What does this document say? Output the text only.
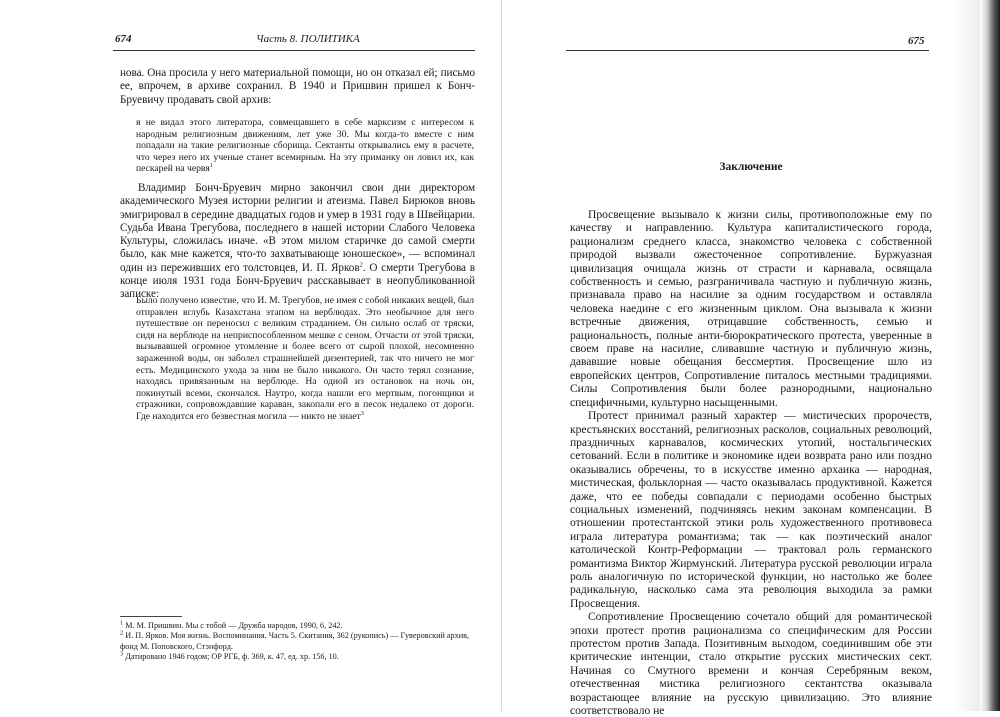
674	Часть 8. ПОЛИТИКА

нова. Она просила у него материальной помощи, но он отказал ей; письмо ее, впрочем, в архиве сохранил. В 1940 и Пришвин пришел к Бонч-Бруевичу продавать свой архив:

я не видал этого литератора, совмещавшего в себе марксизм с интересом к народным религиозным движениям, лет уже 30. Мы когда-то вместе с ним попадали на такие религиозные сборища. Сектанты открывались ему в расчете, что через него их ученые станет всемирным. На эту приманку он ловил их, как пескарей на червя$^1$

Владимир Бонч-Бруевич мирно закончил свои дни директором академического Музея истории религии и атеизма. Павел Бирюков вновь эмигрировал в середине двадцатых годов и умер в 1931 году в Швейцарии. Судьба Ивана Трегубова, последнего в нашей истории Слабого Человека Культуры, сложилась иначе. «В этом милом старичке до самой смерти было, как мне кажется, что-то захватывающе юношеское», — вспоминал один из переживших его толстовцев, И. П. Ярков$^2$. О смерти Трегубова в конце июля 1931 года Бонч-Бруевич расскавывает в неопубликованной записке:

Было получено известие, что И. М. Трегубов, не имея с собой никаких вещей, был отправлен вглубь Казахстана этапом на верблюдах. Это необычное для него путешествие он переносил с великим страданием. Он сильно ослаб от тряски, сидя на верблюде на неприспособленном мешке с сеном. Отчасти от этой тряски, вызывавшей огромное утомление и более всего от сырой плохой, несомненно зараженной воды, он заболел страшнейшей дизентерией, так что ничего не мог есть. Медицинского ухода за ним не было никакого. Он часто терял сознание, находясь привязанным на верблюде. На одной из остановок на ночь он, покинутый всеми, скончался. Наутро, когда нашли его мертвым, погонщики и стражники, сопровождавшие караван, закопали его в песок недалеко от дороги. Где находится его безвестная могила — никто не знает$^3$

$^1$ М. М. Пришвин. Мы с тобой — Дружба народов, 1990, 6, 242.

$^2$ И. П. Ярков. Моя жизнь. Воспоминания. Часть 5. Скитания, 362 (рукопись) — Гуверовский архив, фонд М. Поповского, Стэнфорд.

$^3$ Датировано 1946 годом; ОР РГБ, ф. 369, к. 47, ед. хр. 156, 10.

675
Заключение

Просвещение вызывало к жизни силы, противоположные ему по качеству и направлению. Культура капиталистического города, рационализм среднего класса, знакомство человека с собственной природой вызвали ожесточенное сопротивление. Буржуазная цивилизация очищала жизнь от страсти и карнавала, освящала собственность и семью, разграничивала частную и публичную жизнь, признавала право на насилие за одним государством и оставляла человека наедине с его жизненным циклом. Она вызывала к жизни встречные движения, отрицавшие собственность, семью и рациональность, полные анти-бюрократического протеста, уверенные в своем праве на насилие, сливавшие частную и публичную жизнь, дававшие новые обещания бессмертия. Просвещение шло из европейских центров, Сопротивление питалось местными традициями. Силы Сопротивления были более разнородными, национально специфичными, культурно насыщенными.

Протест принимал разный характер — мистических пророчеств, крестьянских восстаний, религиозных расколов, социальных революций, праздничных карнавалов, космических утопий, ностальгических сетований. Если в политике и экономике идеи возврата рано или поздно оказывались обречены, то в искусстве именно архаика — народная, мистическая, фольклорная — часто оказывалась продуктивной. Кажется даже, что ее победы совпадали с периодами особенно быстрых социальных изменений, подчиняясь неким законам компенсации. В отношении протестантской этики роль художественного противовеса играла литература романтизма; так — как поэтический аналог католической Контр-Реформации — трактовал роль германского романтизма Виктор Жирмунский. Литература русской революции играла роль аналогичную по исторической функции, но настолько же более радикальную, насколько сама эта революция выходила за рамки Просвещения.

Сопротивление Просвещению сочетало общий для романтической эпохи протест против рационализма со специфическим для России протестом против Запада. Позитивным выходом, соединившим обе эти критические интенции, стало открытие русских мистических сект. Начиная со Смутного времени и кончая Серебряным веком, отечественная мистика религиозного сектантства оказывала возрастающее влияние на русскую цивилизацию. Это влияние соответствовало не
